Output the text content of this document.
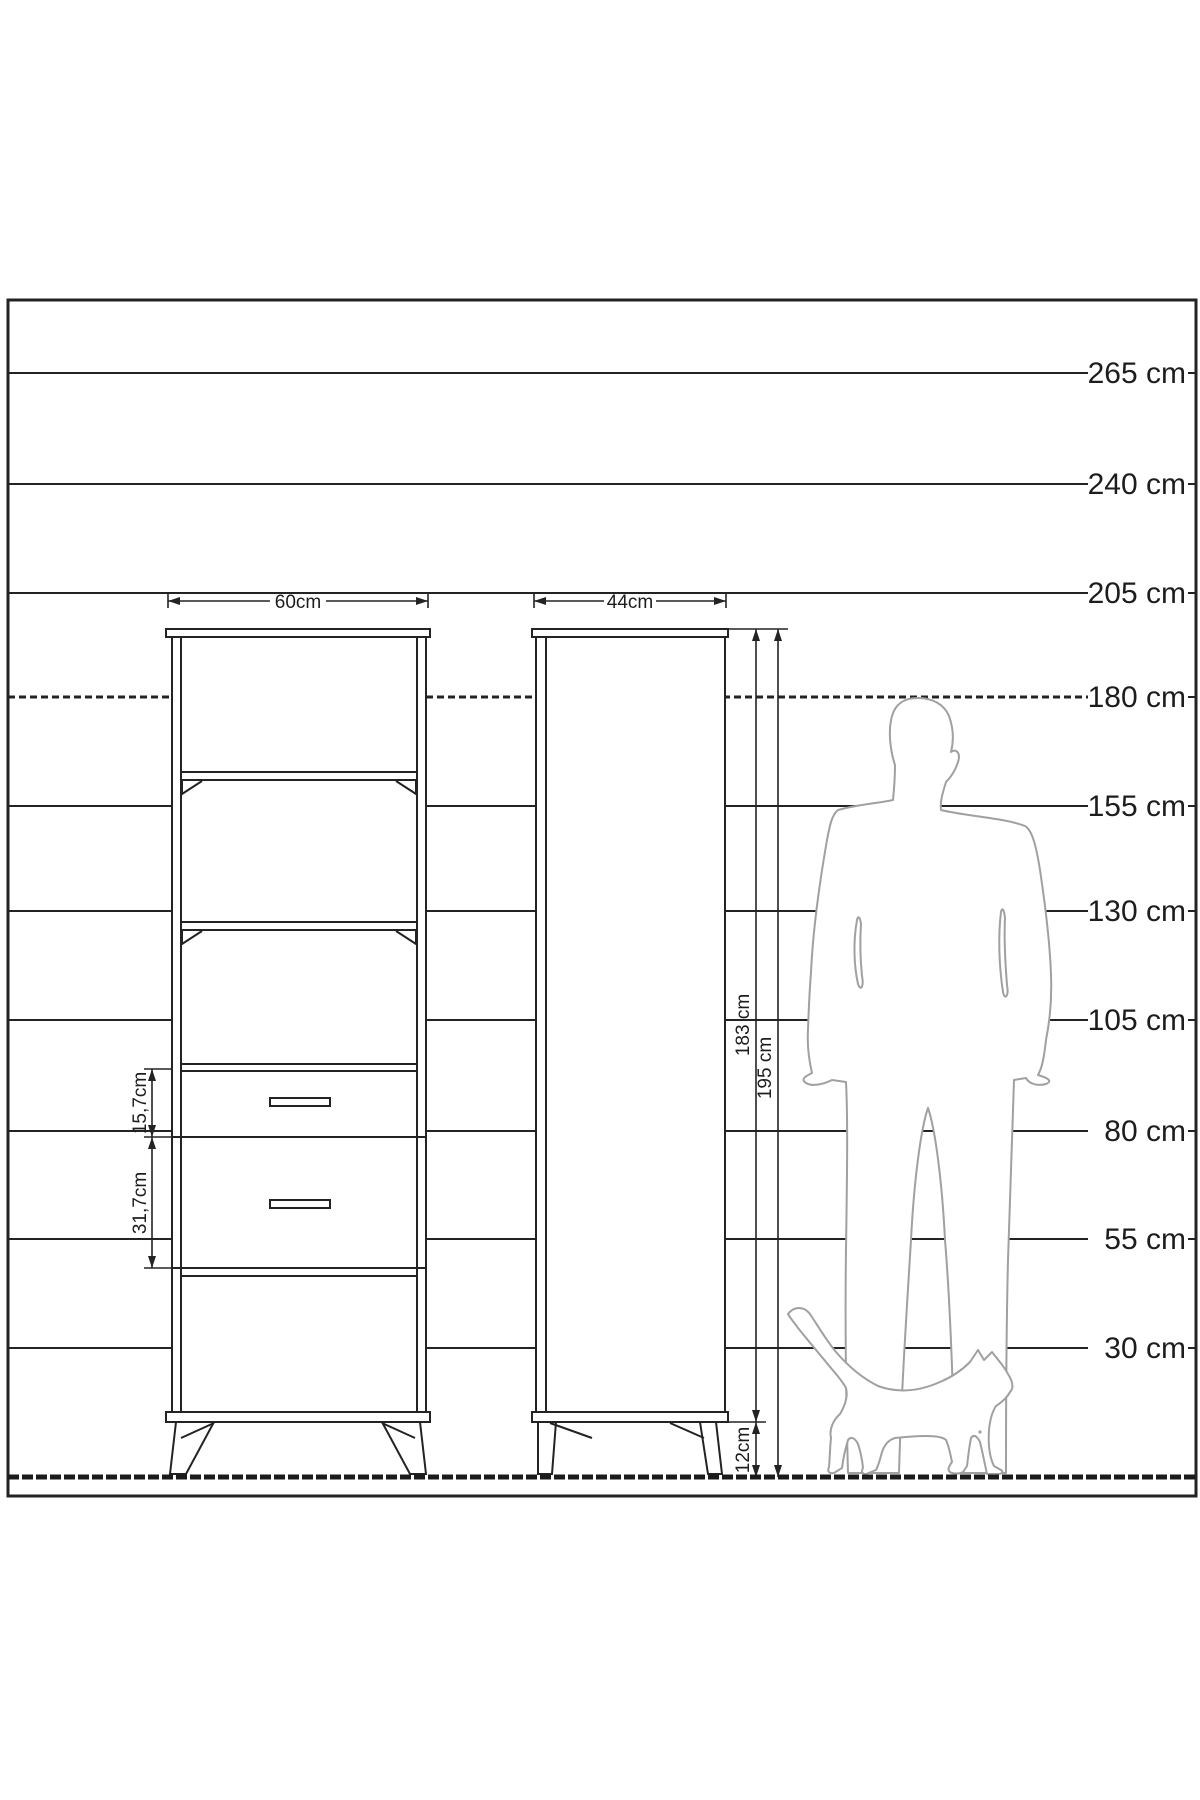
60cm	44cm
15,7cm
31,7cm
183 cm
12cm
195 cm
265 cm
240 cm
205 cm
180 cm
155 cm
130 cm
105 cm
80 cm
55 cm
30 cm
